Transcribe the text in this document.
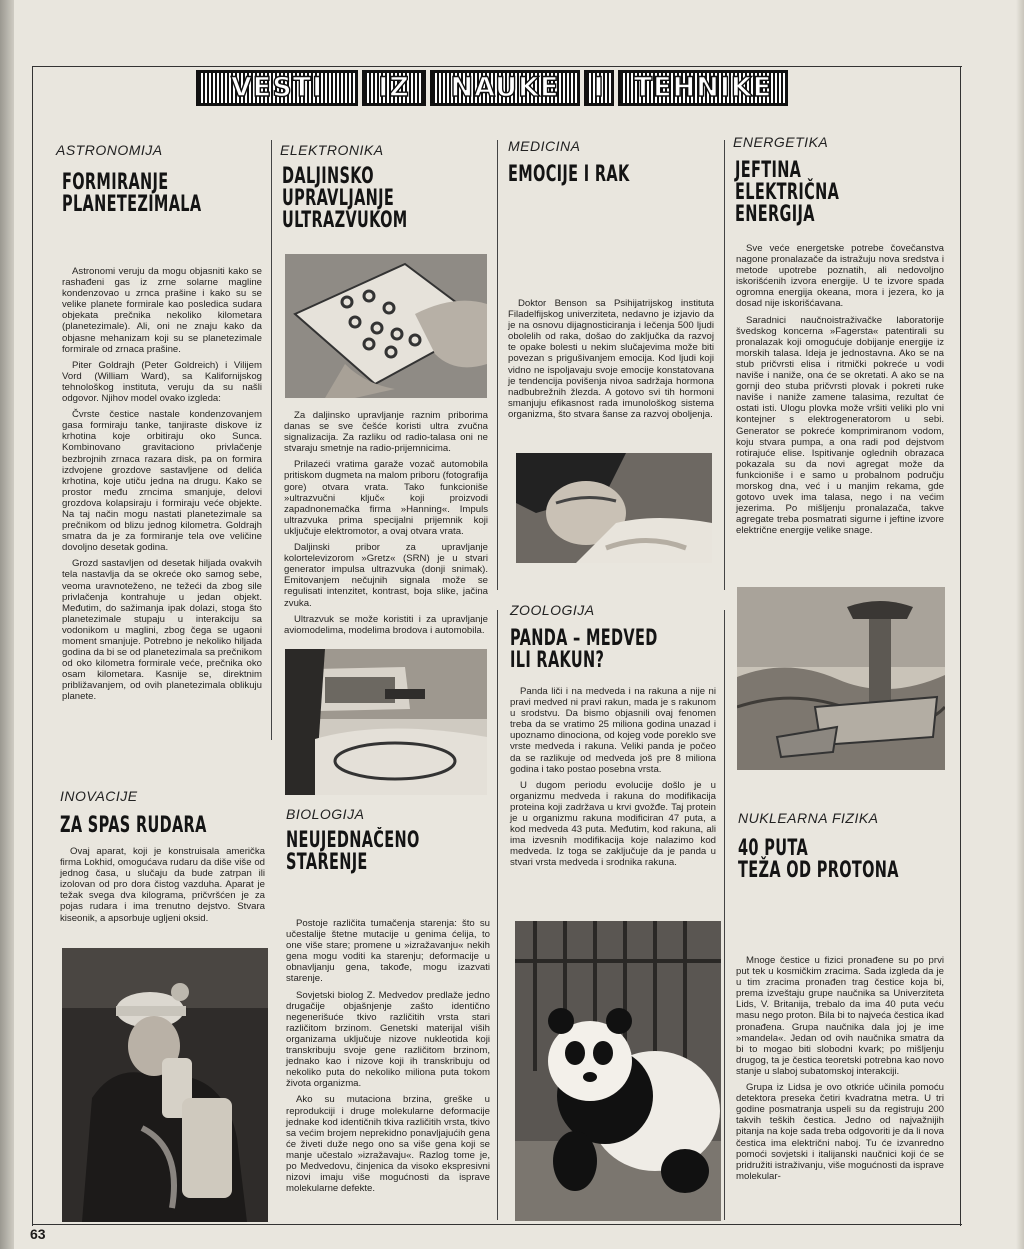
VESTI IZ NAUKE I TEHNIKE
ASTRONOMIJA
FORMIRANJE
PLANETEZIMALA

Astronomi veruju da mogu objasniti kako se rashađeni gas iz zrne solarne magline kondenzovao u zrnca prašine i kako su se velike planete formirale kao posledica sudara objekata prečnika nekoliko kilometara (planetezimale). Ali, oni ne znaju kako da objasne mehanizam koji su se planetezimale formirale od zrnaca prašine.

Piter Goldrajh (Peter Goldreich) i Vilijem Vord (William Ward), sa Kalifornijskog tehnološkog instituta, veruju da su našli odgovor. Njihov model ovako izgleda:

Čvrste čestice nastale kondenzovanjem gasa formiraju tanke, tanjiraste diskove iz krhotina koje orbitiraju oko Sunca. Kombinovano gravitaciono privlačenje bezbrojnih zrnaca razara disk, pa on formira izdvojene grozdove sastavljene od delića krhotina, koje utiču jedna na drugu. Kako se prostor među zrncima smanjuje, delovi grozdova kolapsiraju i formiraju veće objekte. Na taj način mogu nastati planetezimale sa prečnikom od blizu jednog kilometra. Goldrajh smatra da je za formiranje tela ove veličine dovoljno desetak godina.

Grozd sastavljen od desetak hiljada ovakvih tela nastavlja da se okreće oko samog sebe, veoma uravnoteženo, ne težeći da zbog sile privlačenja kontrahuje u jedan objekt. Međutim, do sažimanja ipak dolazi, stoga što planetezimale stupaju u interakciju sa vodonikom u maglini, zbog čega se ugaoni moment smanjuje. Potrebno je nekoliko hiljada godina da bi se od planetezimala sa prečnikom od oko kilometra formirale veće, prečnika oko osam kilometara. Kasnije se, direktnim približavanjem, od ovih planetezimala oblikuju planete.

INOVACIJE
ZA SPAS RUDARA

Ovaj aparat, koji je konstruisala američka firma Lokhid, omogućava rudaru da diše više od jednog časa, u slučaju da bude zatrpan ili izolovan od pro dora čistog vazduha. Aparat je težak svega dva kilograma, pričvršćen je za pojas rudara i ima trenutno dejstvo. Stvara kiseonik, a apsorbuje ugljeni oksid.

ELEKTRONIKA
DALJINSKO
UPRAVLJANJE
ULTRAZVUKOM

Za daljinsko upravljanje raznim priborima danas se sve češće koristi ultra zvučna signalizacija. Za razliku od radio-talasa oni ne stvaraju smetnje na radio-prijemnicima.

Prilazeći vratima garaže vozač automobila pritiskom dugmeta na malom priboru (fotografija gore) otvara vrata. Tako funkcioniše »ultrazvučni ključ« koji proizvodi zapadnonemačka firma »Hanning«. Impuls ultrazvuka prima specijalni prijemnik koji uključuje elektromotor, a ovaj otvara vrata.

Daljinski pribor za upravljanje kolortelevizorom »Gretz« (SRN) je u stvari generator impulsa ultrazvuka (donji snimak). Emitovanjem nečujnih signala može se regulisati intenzitet, kontrast, boja slike, jačina zvuka.

Ultrazvuk se može koristiti i za upravljanje aviomodelima, modelima brodova i automobila.

BIOLOGIJA
NEUJEDNAČENO
STARENJE

Postoje različita tumačenja starenja: što su učestalije štetne mutacije u genima ćelija, to one više stare; promene u »izražavanju« nekih gena mogu voditi ka starenju; deformacije u obnavljanju gena, takođe, mogu izazvati starenje.

Sovjetski biolog Z. Medvedov predlaže jedno drugačije objašnjenje zašto identično negenerišuće tkivo različitih vrsta stari različitom brzinom. Genetski materijal viših organizama uključuje nizove nukleotida koji transkribuju svoje gene različitom brzinom, jednako kao i nizove koji ih transkribuju od nekoliko puta do nekoliko miliona puta tokom života organizma.

Ako su mutaciona brzina, greške u reprodukciji i druge molekularne deformacije jednake kod identičnih tkiva različitih vrsta, tkivo sa većim brojem neprekidno ponavljajućih gena će živeti duže nego ono sa više gena koji se manje učestalo »izražavaju«. Razlog tome je, po Medvedovu, činjenica da visoko ekspresivni nizovi imaju više mogućnosti da isprave molekularne defekte.

MEDICINA
EMOCIJE I RAK

Doktor Benson sa Psihijatrijskog instituta Filadelfijskog univerziteta, nedavno je izjavio da je na osnovu dijagnosticiranja i lečenja 500 ljudi obolelih od raka, došao do zaključka da razvoj te opake bolesti u nekim slučajevima može biti povezan s prigušivanjem emocija. Kod ljudi koji vidno ne ispoljavaju svoje emocije konstatovana je tendencija povišenja nivoa sadržaja hormona nadbubrežnih žlezda. A gotovo svi tih hormoni smanjuju efikasnost rada imunološkog sistema organizma, što stvara šanse za razvoj oboljenja.

ZOOLOGIJA
PANDA – MEDVED
ILI RAKUN?

Panda liči i na medveda i na rakuna a nije ni pravi medved ni pravi rakun, mada je s rakunom u srodstvu. Da bismo objasnili ovaj fenomen treba da se vratimo 25 miliona godina unazad i upoznamo dinociona, od kojeg vode poreklo sve vrste medveda i rakuna. Veliki panda je počeo da se razlikuje od medveda još pre 8 miliona godina i tako postao posebna vrsta.

U dugom periodu evolucije došlo je u organizmu medveda i rakuna do modifikacija proteina koji zadržava u krvi gvožđe. Taj protein je u organizmu rakuna modificiran 47 puta, a kod medveda 43 puta. Međutim, kod rakuna, ali ima izvesnih modifikacija koje nalazimo kod medveda. Iz toga se zaključuje da je panda u stvari vrsta medveda i srodnika rakuna.

ENERGETIKA
JEFTINA
ELEKTRIČNA
ENERGIJA

Sve veće energetske potrebe čovečanstva nagone pronalazače da istražuju nova sredstva i metode upotrebe poznatih, ali nedovoljno iskorišćenih izvora energije. U te izvore spada ogromna energija okeana, mora i jezera, ko ja dosad nije iskorišćavana.

Saradnici naučnoistraživačke laboratorije švedskog koncerna »Fagersta« patentirali su pronalazak koji omogućuje dobijanje energije iz morskih talasa. Ideja je jednostavna. Ako se na stub pričvrsti elisa i ritmički pokreće u vodi naviše i naniže, ona će se okretati. A ako se na gornji deo stuba pričvrsti plovak i pokreti ruke naviše i naniže zamene talasima, rezultat će ostati isti. Ulogu plovka može vršiti veliki plo vni kontejner s elektrogeneratorom u sebi. Generator se pokreće komprimiranom vodom, koju stvara pumpa, a ona radi pod dejstvom rotirajuće elise. Ispitivanje oglednih obrazaca pokazala su da novi agregat može da funkcioniše i e samo u probalnom području morskog dna, već i u manjim rekama, gde gotovo uvek ima talasa, nego i na većim jezerima. Po mišljenju pronalazača, takve agregate treba posmatrati sigurne i jeftine izvore električne energije velike snage.

NUKLEARNA FIZIKA
40 PUTA
TEŽA OD PROTONA

Mnoge čestice u fizici pronađene su po prvi put tek u kosmičkim zracima. Sada izgleda da je u tim zracima pronađen trag čestice koja bi, prema izveštaju grupe naučnika sa Univerziteta Lids, V. Britanija, trebalo da ima 40 puta veću masu nego proton. Bila bi to najveća čestica ikad pronađena. Grupa naučnika dala joj je ime »mandela«. Jedan od ovih naučnika smatra da bi to mogao biti slobodni kvark; po mišljenju drugog, ta je čestica teoretski potrebna kao novo stanje u slaboj subatomskoj interakciji.

Grupa iz Lidsa je ovo otkriće učinila pomoću detektora preseka četiri kvadratna metra. U tri godine posmatranja uspeli su da registruju 200 takvih teških čestica. Jedno od najvažnijih pitanja na koje sada treba odgovoriti je da li nova čestica ima električni naboj. Tu će izvanredno pomoći sovjetski i italijanski naučnici koji će se pridružiti istraživanju, više mogućnosti da isprave molekular-

63
